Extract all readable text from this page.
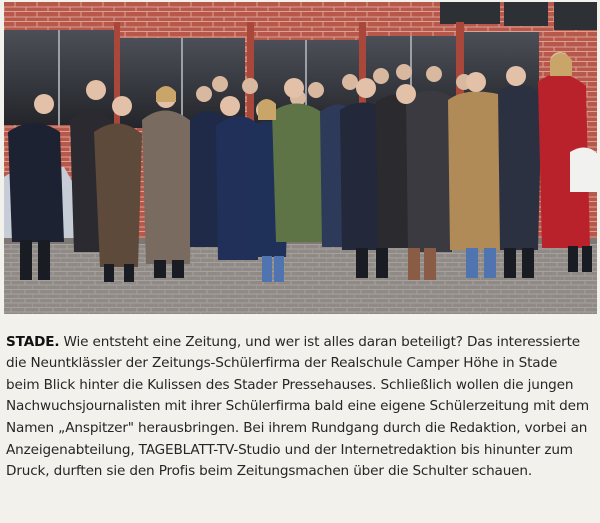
STADE. Wie entsteht eine Zeitung, und wer ist alles daran beteiligt? Das interessierte die Neuntklässler der Zeitungs-Schülerfirma der Realschule Camper Höhe in Stade beim Blick hinter die Kulissen des Stader Pressehauses. Schließlich wollen die jungen Nachwuchsjournalisten mit ihrer Schülerfirma bald eine eigene Schülerzeitung mit dem Namen „Anspitzer" herausbringen. Bei ihrem Rundgang durch die Redaktion, vorbei an Anzeigenabteilung, TAGEBLATT-TV-Studio und der Internetredaktion bis hinunter zum Druck, durften sie den Profis beim Zeitungsmachen über die Schulter schauen.
